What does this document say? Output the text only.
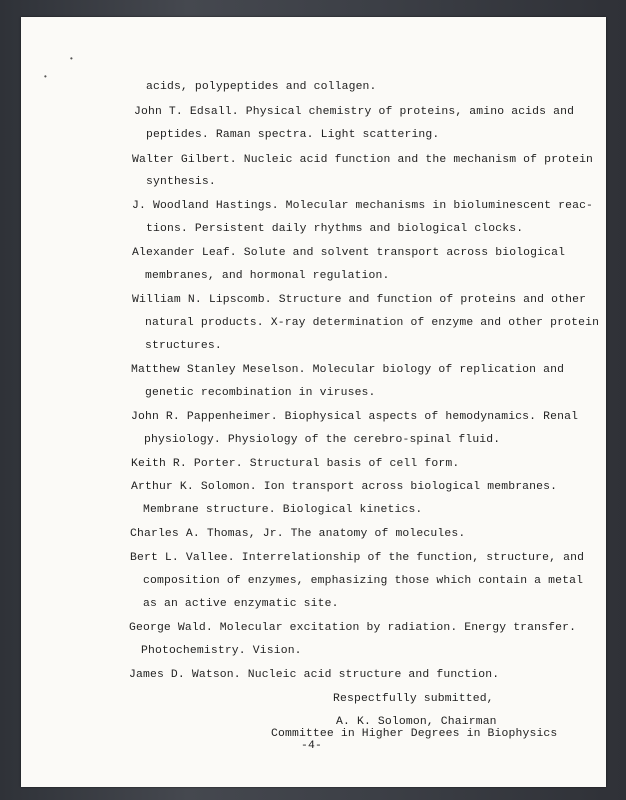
•
•
acids, polypeptides and collagen.
John T. Edsall. Physical chemistry of proteins, amino acids and
peptides. Raman spectra. Light scattering.
Walter Gilbert. Nucleic acid function and the mechanism of protein
synthesis.
J. Woodland Hastings. Molecular mechanisms in bioluminescent reac-
tions. Persistent daily rhythms and biological clocks.
Alexander Leaf. Solute and solvent transport across biological
membranes, and hormonal regulation.
William N. Lipscomb. Structure and function of proteins and other
natural products. X-ray determination of enzyme and other protein
structures.
Matthew Stanley Meselson. Molecular biology of replication and
genetic recombination in viruses.
John R. Pappenheimer. Biophysical aspects of hemodynamics. Renal
physiology. Physiology of the cerebro-spinal fluid.
Keith R. Porter. Structural basis of cell form.
Arthur K. Solomon. Ion transport across biological membranes.
Membrane structure. Biological kinetics.
Charles A. Thomas, Jr. The anatomy of molecules.
Bert L. Vallee. Interrelationship of the function, structure, and
composition of enzymes, emphasizing those which contain a metal
as an active enzymatic site.
George Wald. Molecular excitation by radiation. Energy transfer.
Photochemistry. Vision.
James D. Watson. Nucleic acid structure and function.
Respectfully submitted,
A. K. Solomon, Chairman
Committee in Higher Degrees in Biophysics
-4-
